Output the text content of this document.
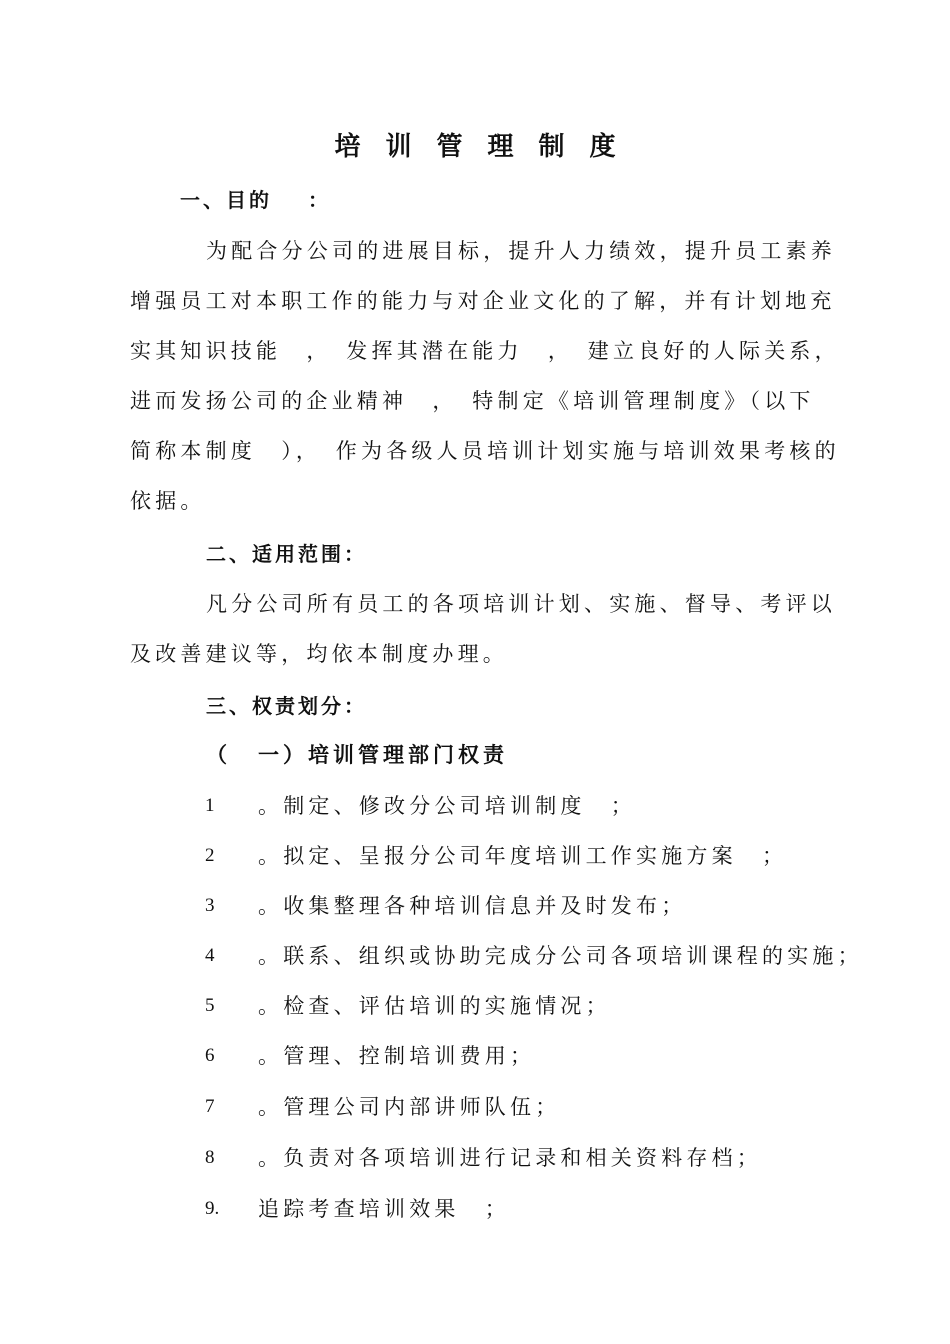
培训管理制度
一、目的 ：
为配合分公司的进展目标，提升人力绩效，提升员工素养
增强员工对本职工作的能力与对企业文化的了解，并有计划地充
实其知识技能　，　发挥其潜在能力　，　建立良好的人际关系，
进而发扬公司的企业精神　，　特制定《培训管理制度》（以下
简称本制度　），　作为各级人员培训计划实施与培训效果考核的
依据。
二、适用范围：
凡分公司所有员工的各项培训计划、实施、督导、考评以
及改善建议等，均依本制度办理。
三、权责划分：
（ 一）培训管理部门权责
1 。制定、修改分公司培训制度　；
2 。拟定、呈报分公司年度培训工作实施方案　；
3 。收集整理各种培训信息并及时发布；
4 。联系、组织或协助完成分公司各项培训课程的实施；
5 。检查、评估培训的实施情况；
6 。管理、控制培训费用；
7 。管理公司内部讲师队伍；
8 。负责对各项培训进行记录和相关资料存档；
9. 追踪考查培训效果　；
